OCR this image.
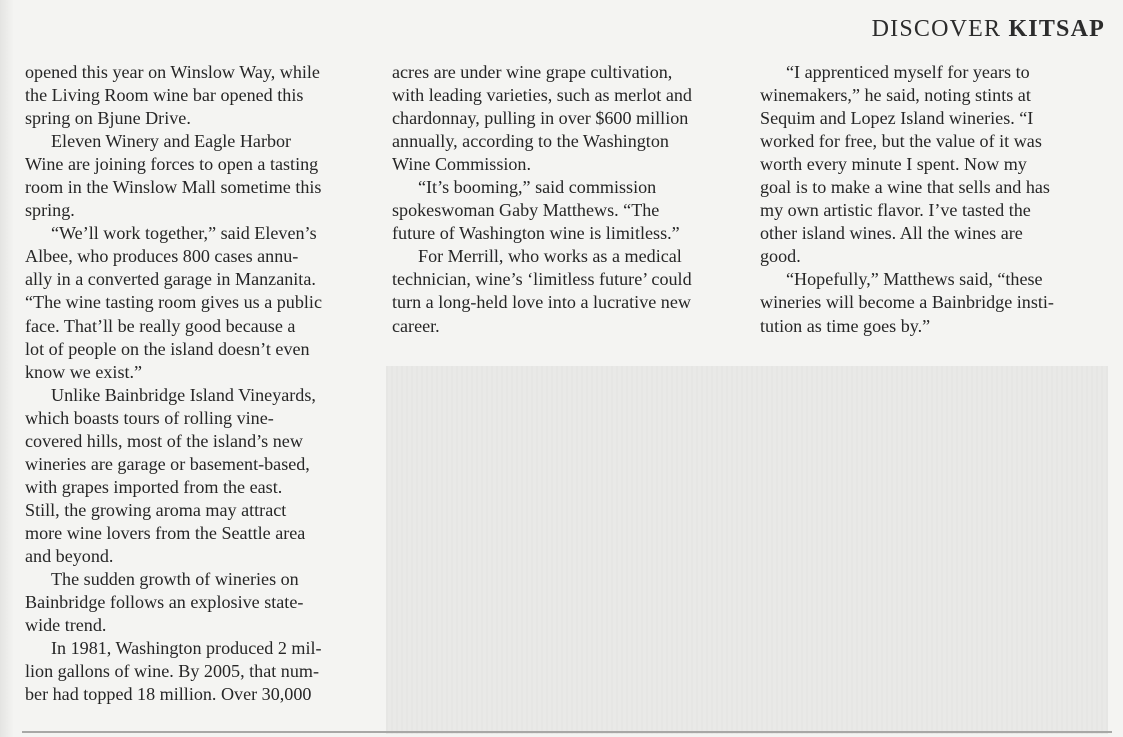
DISCOVER KITSAP
opened this year on Winslow Way, while
the Living Room wine bar opened this
spring on Bjune Drive.
Eleven Winery and Eagle Harbor
Wine are joining forces to open a tasting
room in the Winslow Mall sometime this
spring.
“We’ll work together,” said Eleven’s
Albee, who produces 800 cases annu-
ally in a converted garage in Manzanita.
“The wine tasting room gives us a public
face. That’ll be really good because a
lot of people on the island doesn’t even
know we exist.”
Unlike Bainbridge Island Vineyards,
which boasts tours of rolling vine-
covered hills, most of the island’s new
wineries are garage or basement-based,
with grapes imported from the east.
Still, the growing aroma may attract
more wine lovers from the Seattle area
and beyond.
The sudden growth of wineries on
Bainbridge follows an explosive state-
wide trend.
In 1981, Washington produced 2 mil-
lion gallons of wine. By 2005, that num-
ber had topped 18 million. Over 30,000
acres are under wine grape cultivation,
with leading varieties, such as merlot and
chardonnay, pulling in over $600 million
annually, according to the Washington
Wine Commission.
“It’s booming,” said commission
spokeswoman Gaby Matthews. “The
future of Washington wine is limitless.”
For Merrill, who works as a medical
technician, wine’s ‘limitless future’ could
turn a long-held love into a lucrative new
career.
“I apprenticed myself for years to
winemakers,” he said, noting stints at
Sequim and Lopez Island wineries. “I
worked for free, but the value of it was
worth every minute I spent. Now my
goal is to make a wine that sells and has
my own artistic flavor. I’ve tasted the
other island wines. All the wines are
good.
“Hopefully,” Matthews said, “these
wineries will become a Bainbridge insti-
tution as time goes by.”
